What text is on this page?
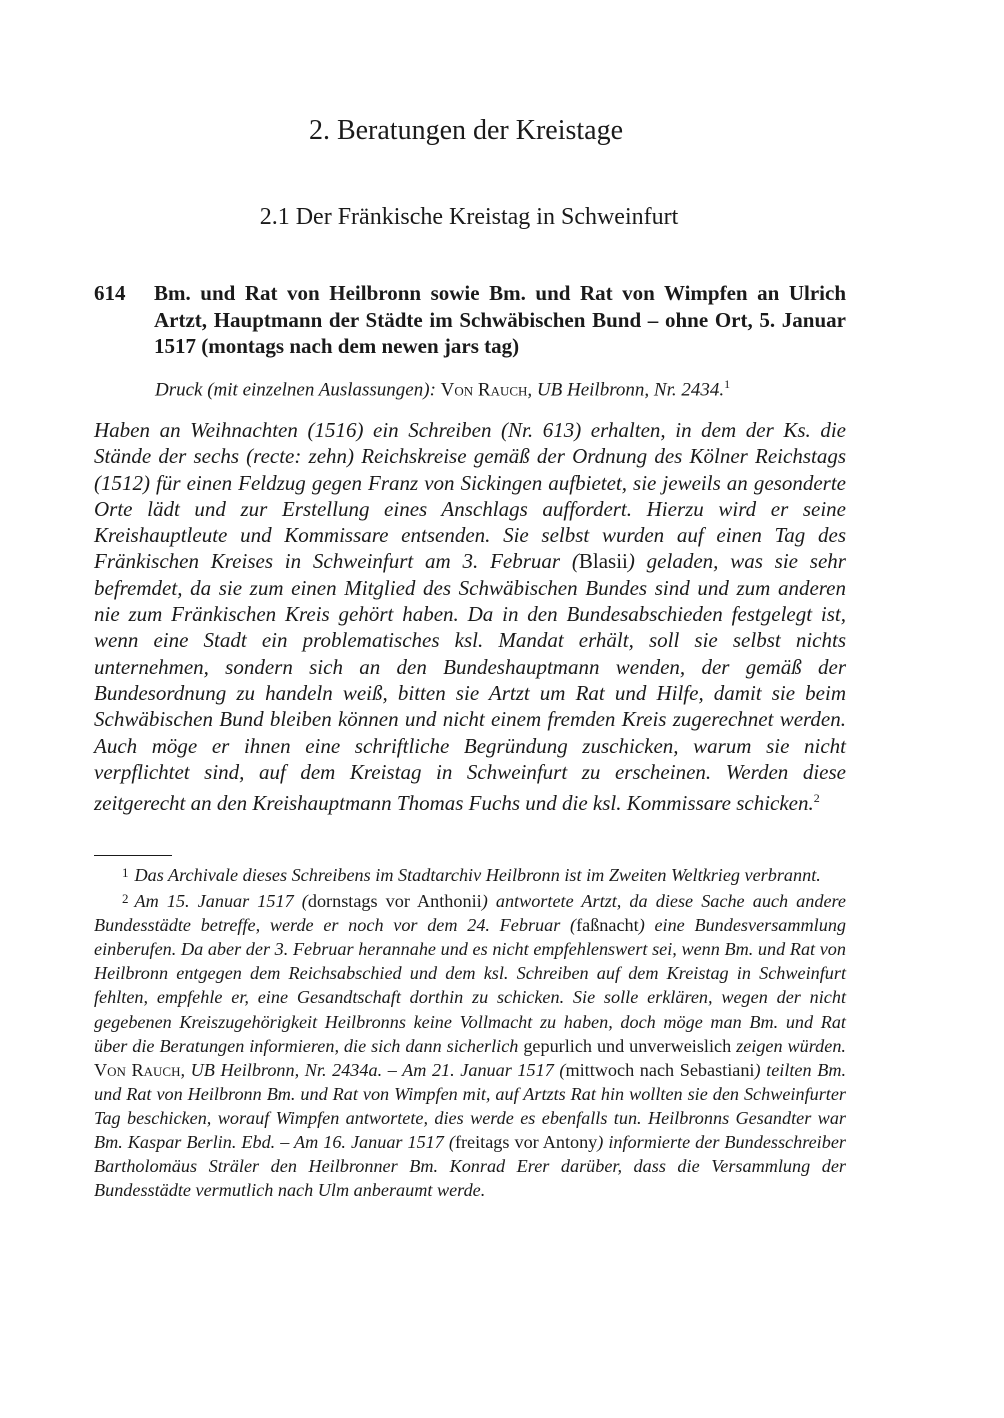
2. Beratungen der Kreistage
2.1 Der Fränkische Kreistag in Schweinfurt
614 Bm. und Rat von Heilbronn sowie Bm. und Rat von Wimpfen an Ulrich Artzt, Hauptmann der Städte im Schwäbischen Bund – ohne Ort, 5. Januar 1517 (montags nach dem newen jars tag)
Druck (mit einzelnen Auslassungen): Von Rauch, UB Heilbronn, Nr. 2434.$^1$
Haben an Weihnachten (1516) ein Schreiben (Nr. 613) erhalten, in dem der Ks. die Stände der sechs (recte: zehn) Reichskreise gemäß der Ordnung des Kölner Reichstags (1512) für einen Feldzug gegen Franz von Sickingen aufbietet, sie jeweils an gesonderte Orte lädt und zur Erstellung eines Anschlags auffordert. Hierzu wird er seine Kreishauptleute und Kommissare entsenden. Sie selbst wurden auf einen Tag des Fränkischen Kreises in Schweinfurt am 3. Februar (Blasii) geladen, was sie sehr befremdet, da sie zum einen Mitglied des Schwäbischen Bundes sind und zum anderen nie zum Fränkischen Kreis gehört haben. Da in den Bundesabschieden festgelegt ist, wenn eine Stadt ein problematisches ksl. Mandat erhält, soll sie selbst nichts unternehmen, sondern sich an den Bundeshauptmann wenden, der gemäß der Bundesordnung zu handeln weiß, bitten sie Artzt um Rat und Hilfe, damit sie beim Schwäbischen Bund bleiben können und nicht einem fremden Kreis zugerechnet werden. Auch möge er ihnen eine schriftliche Begründung zuschicken, warum sie nicht verpflichtet sind, auf dem Kreistag in Schweinfurt zu erscheinen. Werden diese zeitgerecht an den Kreishauptmann Thomas Fuchs und die ksl. Kommissare schicken.$^2$

$^1$ Das Archivale dieses Schreibens im Stadtarchiv Heilbronn ist im Zweiten Weltkrieg verbrannt.

$^2$ Am 15. Januar 1517 (dornstags vor Anthonii) antwortete Artzt, da diese Sache auch andere Bundesstädte betreffe, werde er noch vor dem 24. Februar (faßnacht) eine Bundesversammlung einberufen. Da aber der 3. Februar herannahe und es nicht empfehlenswert sei, wenn Bm. und Rat von Heilbronn entgegen dem Reichsabschied und dem ksl. Schreiben auf dem Kreistag in Schweinfurt fehlten, empfehle er, eine Gesandtschaft dorthin zu schicken. Sie solle erklären, wegen der nicht gegebenen Kreiszugehörigkeit Heilbronns keine Vollmacht zu haben, doch möge man Bm. und Rat über die Beratungen informieren, die sich dann sicherlich gepurlich und unverweislich zeigen würden. Von Rauch, UB Heilbronn, Nr. 2434a. – Am 21. Januar 1517 (mittwoch nach Sebastiani) teilten Bm. und Rat von Heilbronn Bm. und Rat von Wimpfen mit, auf Artzts Rat hin wollten sie den Schweinfurter Tag beschicken, worauf Wimpfen antwortete, dies werde es ebenfalls tun. Heilbronns Gesandter war Bm. Kaspar Berlin. Ebd. – Am 16. Januar 1517 (freitags vor Antony) informierte der Bundesschreiber Bartholomäus Sträler den Heilbronner Bm. Konrad Erer darüber, dass die Versammlung der Bundesstädte vermutlich nach Ulm anberaumt werde.
